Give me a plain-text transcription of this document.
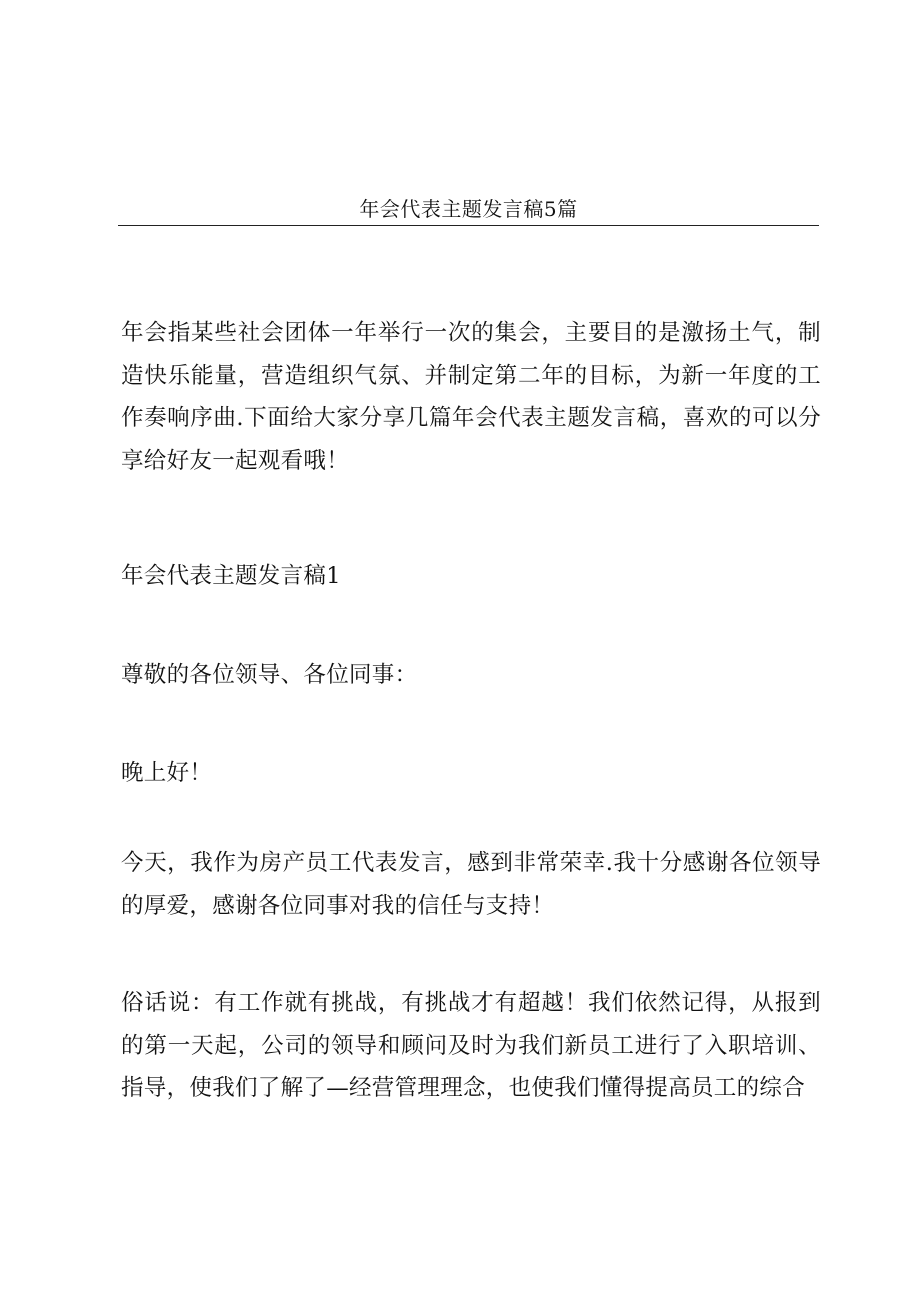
年会代表主题发言稿5篇
年会指某些社会团体一年举行一次的集会，主要目的是激扬土气，制造快乐能量，营造组织气氛、并制定第二年的目标，为新一年度的工作奏响序曲.下面给大家分享几篇年会代表主题发言稿，喜欢的可以分享给好友一起观看哦！
年会代表主题发言稿1
尊敬的各位领导、各位同事：
晚上好！
今天，我作为房产员工代表发言，感到非常荣幸.我十分感谢各位领导的厚爱，感谢各位同事对我的信任与支持！
俗话说：有工作就有挑战，有挑战才有超越！我们依然记得，从报到的第一天起，公司的领导和顾问及时为我们新员工进行了入职培训、指导，使我们了解了—经营管理理念，也使我们懂得提高员工的综合
